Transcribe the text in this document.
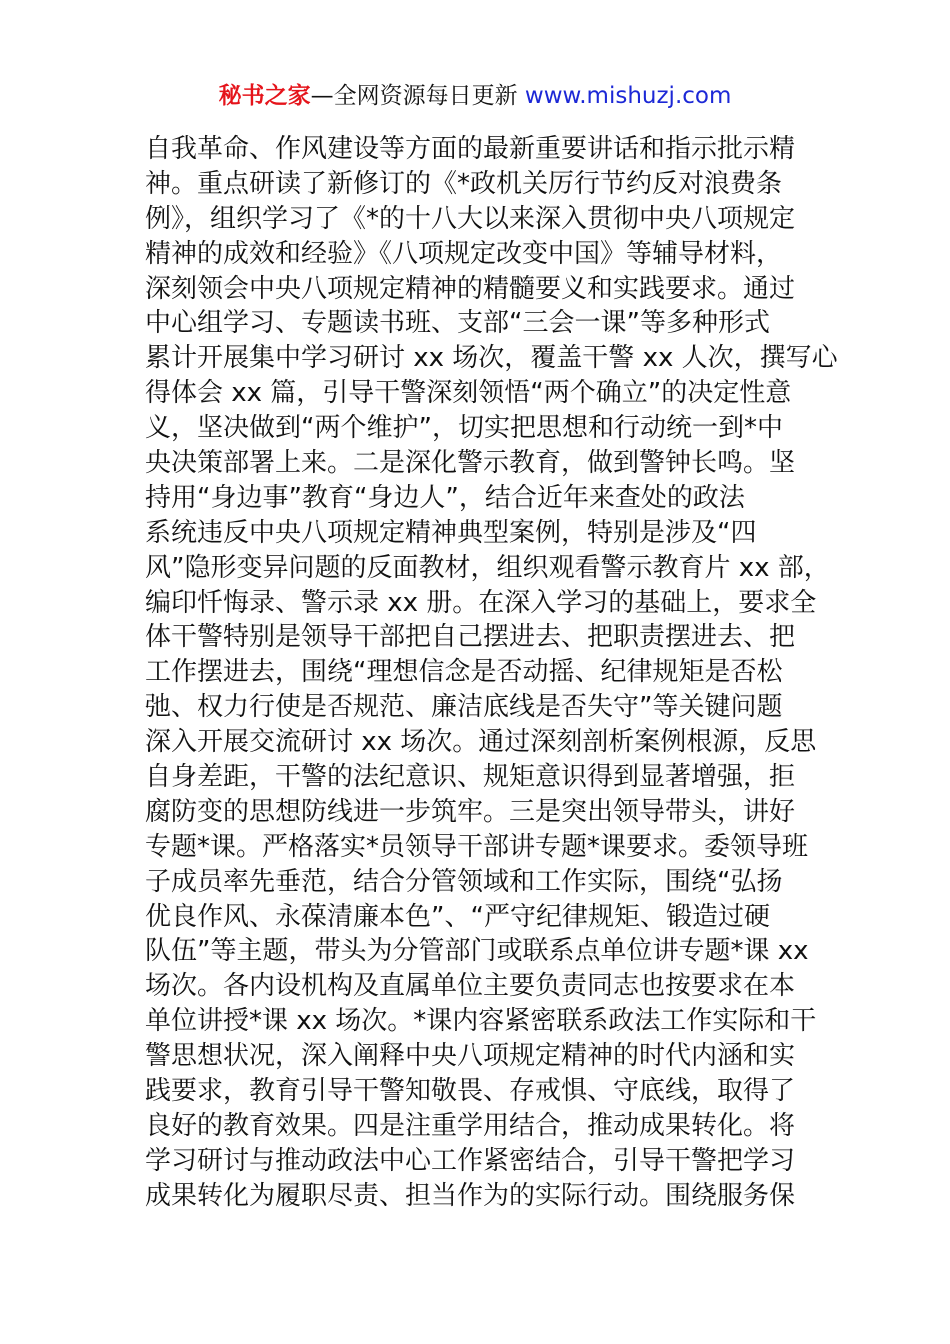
秘书之家—全网资源每日更新 www.mishuzj.com
自我革命、作风建设等方面的最新重要讲话和指示批示精
神。重点研读了新修订的《*政机关厉行节约反对浪费条
例》，组织学习了《*的十八大以来深入贯彻中央八项规定
精神的成效和经验》《八项规定改变中国》等辅导材料，
深刻领会中央八项规定精神的精髓要义和实践要求。通过
中心组学习、专题读书班、支部“三会一课”等多种形式
累计开展集中学习研讨 xx 场次，覆盖干警 xx 人次，撰写心
得体会 xx 篇，引导干警深刻领悟“两个确立”的决定性意
义，坚决做到“两个维护”，切实把思想和行动统一到*中
央决策部署上来。二是深化警示教育，做到警钟长鸣。坚
持用“身边事”教育“身边人”，结合近年来查处的政法
系统违反中央八项规定精神典型案例，特别是涉及“四
风”隐形变异问题的反面教材，组织观看警示教育片 xx 部，
编印忏悔录、警示录 xx 册。在深入学习的基础上，要求全
体干警特别是领导干部把自己摆进去、把职责摆进去、把
工作摆进去，围绕“理想信念是否动摇、纪律规矩是否松
弛、权力行使是否规范、廉洁底线是否失守”等关键问题
深入开展交流研讨 xx 场次。通过深刻剖析案例根源，反思
自身差距，干警的法纪意识、规矩意识得到显著增强，拒
腐防变的思想防线进一步筑牢。三是突出领导带头，讲好
专题*课。严格落实*员领导干部讲专题*课要求。委领导班
子成员率先垂范，结合分管领域和工作实际，围绕“弘扬
优良作风、永葆清廉本色”、“严守纪律规矩、锻造过硬
队伍”等主题，带头为分管部门或联系点单位讲专题*课 xx
场次。各内设机构及直属单位主要负责同志也按要求在本
单位讲授*课 xx 场次。*课内容紧密联系政法工作实际和干
警思想状况，深入阐释中央八项规定精神的时代内涵和实
践要求，教育引导干警知敬畏、存戒惧、守底线，取得了
良好的教育效果。四是注重学用结合，推动成果转化。将
学习研讨与推动政法中心工作紧密结合，引导干警把学习
成果转化为履职尽责、担当作为的实际行动。围绕服务保
